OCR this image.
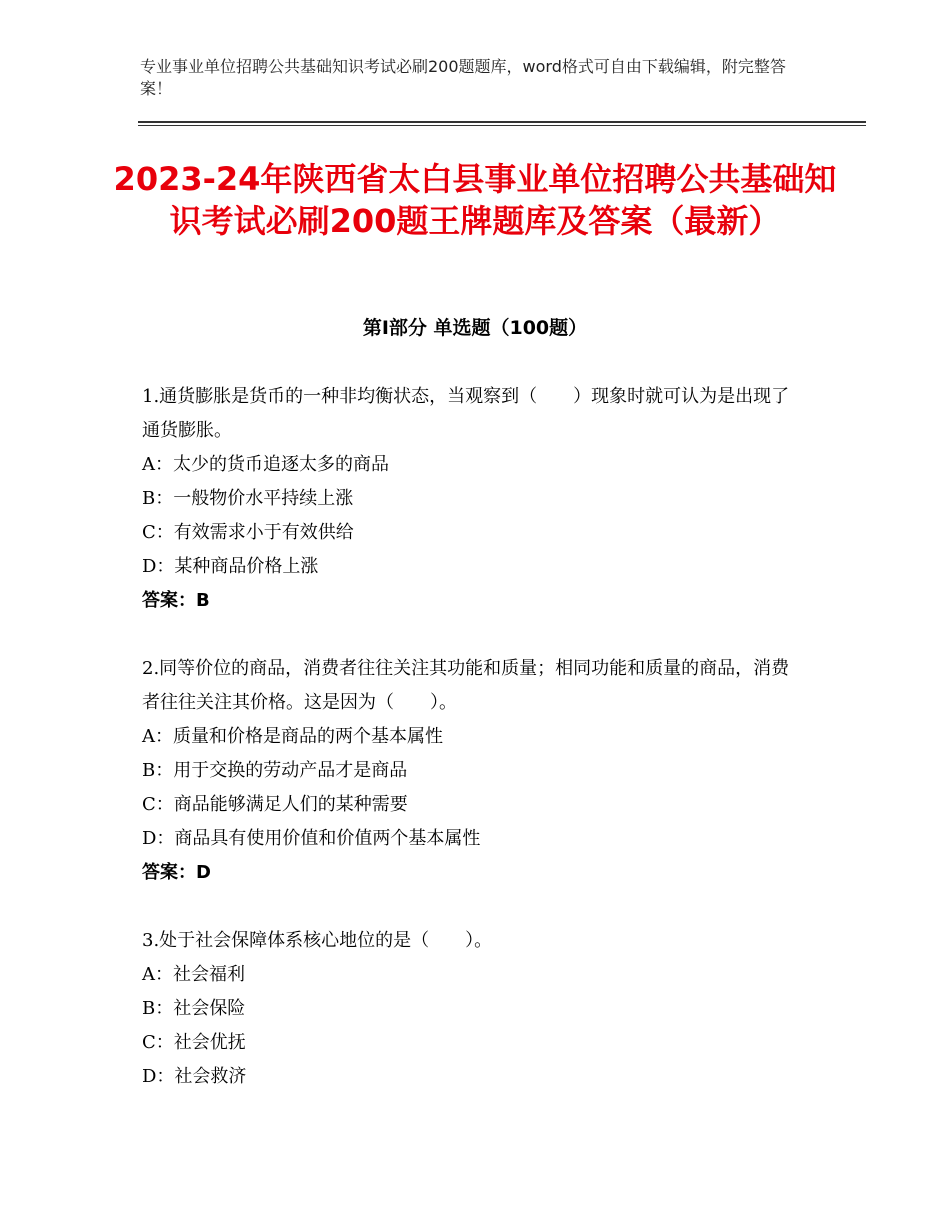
专业事业单位招聘公共基础知识考试必刷200题题库，word格式可自由下载编辑，附完整答案！
2023-24年陕西省太白县事业单位招聘公共基础知识考试必刷200题王牌题库及答案（最新）
第Ⅰ部分 单选题（100题）

1.通货膨胀是货币的一种非均衡状态，当观察到（　　）现象时就可认为是出现了通货膨胀。

A：太少的货币追逐太多的商品

B：一般物价水平持续上涨

C：有效需求小于有效供给

D：某种商品价格上涨

答案：B

2.同等价位的商品，消费者往往关注其功能和质量；相同功能和质量的商品，消费者往往关注其价格。这是因为（　　）。

A：质量和价格是商品的两个基本属性

B：用于交换的劳动产品才是商品

C：商品能够满足人们的某种需要

D：商品具有使用价值和价值两个基本属性

答案：D

3.处于社会保障体系核心地位的是（　　）。

A：社会福利

B：社会保险

C：社会优抚

D：社会救济
